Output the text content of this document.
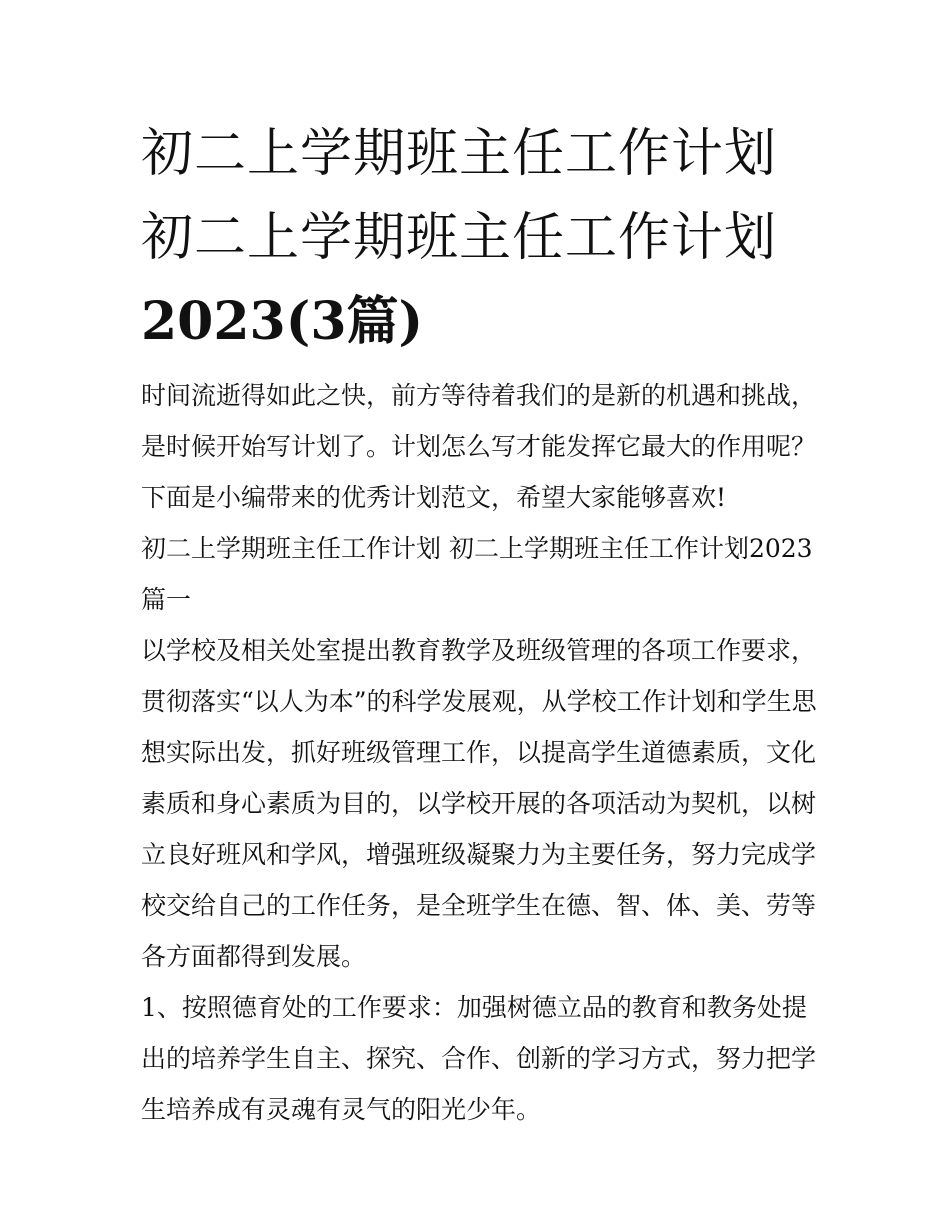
初二上学期班主任工作计划 初二上学期班主任工作计划
2023(3篇)

时间流逝得如此之快，前方等待着我们的是新的机遇和挑战，是时候开始写计划了。计划怎么写才能发挥它最大的作用呢？下面是小编带来的优秀计划范文，希望大家能够喜欢!

初二上学期班主任工作计划 初二上学期班主任工作计划2023篇一

以学校及相关处室提出教育教学及班级管理的各项工作要求，贯彻落实“以人为本”的科学发展观，从学校工作计划和学生思想实际出发，抓好班级管理工作，以提高学生道德素质，文化素质和身心素质为目的，以学校开展的各项活动为契机，以树立良好班风和学风，增强班级凝聚力为主要任务，努力完成学校交给自己的工作任务，是全班学生在德、智、体、美、劳等各方面都得到发展。

1、按照德育处的工作要求：加强树德立品的教育和教务处提出的培养学生自主、探究、合作、创新的学习方式，努力把学生培养成有灵魂有灵气的阳光少年。
